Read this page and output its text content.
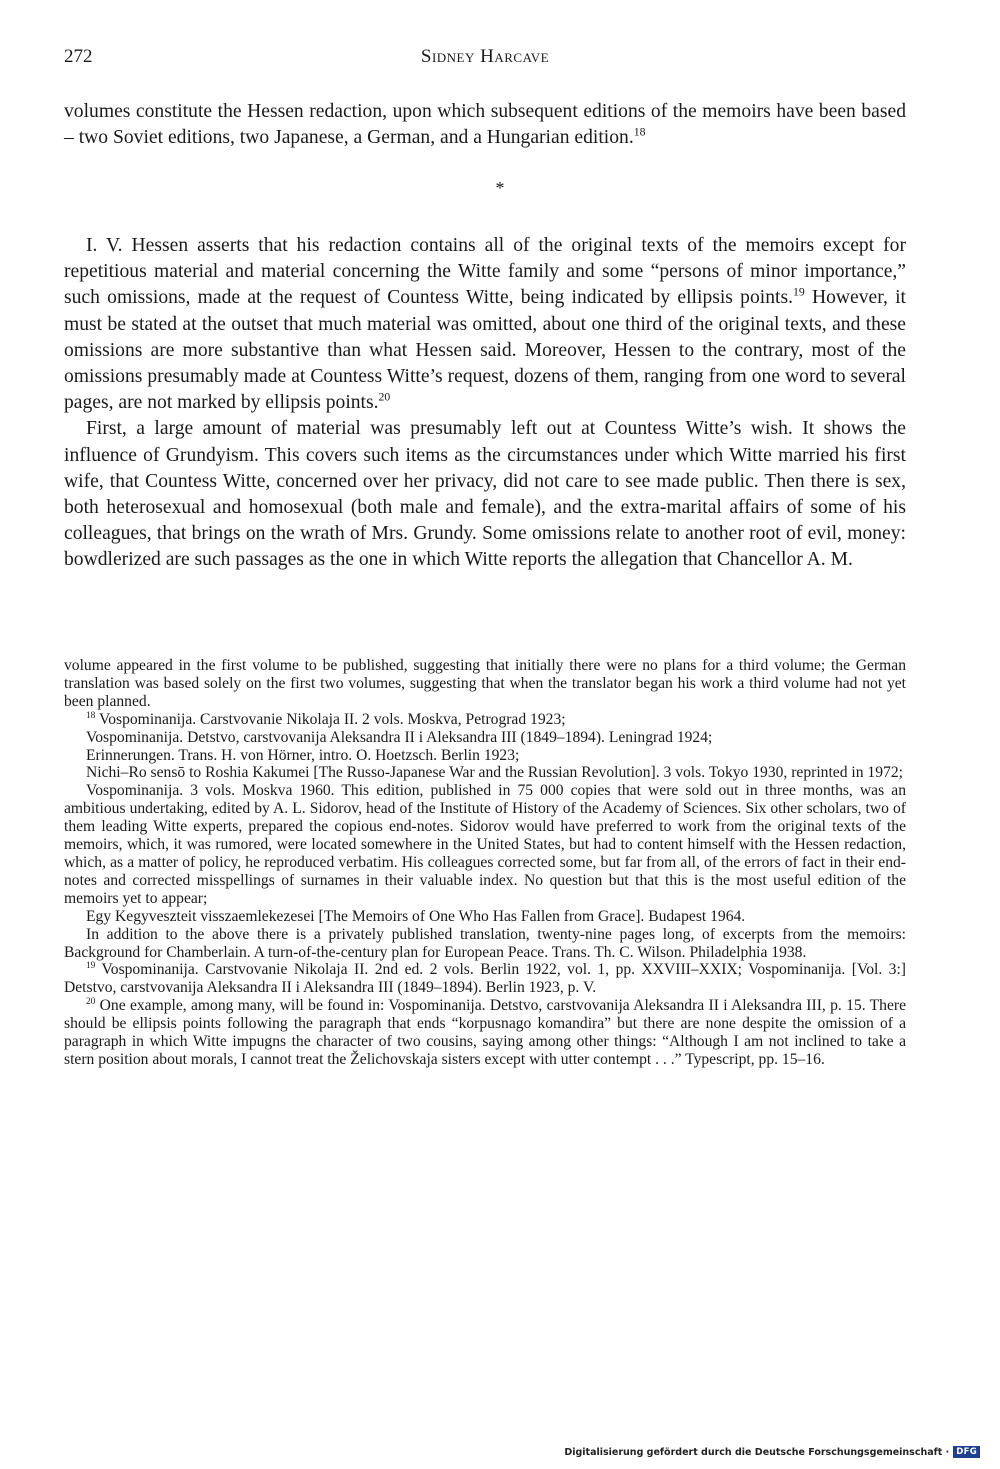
272	Sidney Harcave

volumes constitute the Hessen redaction, upon which subsequent editions of the memoirs have been based – two Soviet editions, two Japanese, a German, and a Hungarian edition.$^{18}$

*

I. V. Hessen asserts that his redaction contains all of the original texts of the memoirs except for repetitious material and material concerning the Witte family and some “persons of minor importance,” such omissions, made at the request of Countess Witte, being indicated by ellipsis points.$^{19}$ However, it must be stated at the outset that much material was omitted, about one third of the original texts, and these omissions are more substantive than what Hessen said. Moreover, Hessen to the contrary, most of the omissions presumably made at Countess Witte’s request, dozens of them, ranging from one word to several pages, are not marked by ellipsis points.$^{20}$

First, a large amount of material was presumably left out at Countess Witte’s wish. It shows the influence of Grundyism. This covers such items as the circumstances under which Witte married his first wife, that Countess Witte, concerned over her privacy, did not care to see made public. Then there is sex, both heterosexual and homosexual (both male and female), and the extra-marital affairs of some of his colleagues, that brings on the wrath of Mrs. Grundy. Some omissions relate to another root of evil, money: bowdlerized are such passages as the one in which Witte reports the allegation that Chancellor A. M.

volume appeared in the first volume to be published, suggesting that initially there were no plans for a third volume; the German translation was based solely on the first two volumes, suggesting that when the translator began his work a third volume had not yet been planned.

$^{18}$ Vospominanija. Carstvovanie Nikolaja II. 2 vols. Moskva, Petrograd 1923;

Vospominanija. Detstvo, carstvovanija Aleksandra II i Aleksandra III (1849–1894). Leningrad 1924;

Erinnerungen. Trans. H. von Hörner, intro. O. Hoetzsch. Berlin 1923;

Nichi–Ro sensō to Roshia Kakumei [The Russo-Japanese War and the Russian Revolution]. 3 vols. Tokyo 1930, reprinted in 1972;

Vospominanija. 3 vols. Moskva 1960. This edition, published in 75 000 copies that were sold out in three months, was an ambitious undertaking, edited by A. L. Sidorov, head of the Institute of History of the Academy of Sciences. Six other scholars, two of them leading Witte experts, prepared the copious end-notes. Sidorov would have preferred to work from the original texts of the memoirs, which, it was rumored, were located somewhere in the United States, but had to content himself with the Hessen redaction, which, as a matter of policy, he reproduced verbatim. His colleagues corrected some, but far from all, of the errors of fact in their end-notes and corrected misspellings of surnames in their valuable index. No question but that this is the most useful edition of the memoirs yet to appear;

Egy Kegyveszteit visszaemlekezesei [The Memoirs of One Who Has Fallen from Grace]. Budapest 1964.

In addition to the above there is a privately published translation, twenty-nine pages long, of excerpts from the memoirs: Background for Chamberlain. A turn-of-the-century plan for European Peace. Trans. Th. C. Wilson. Philadelphia 1938.

$^{19}$ Vospominanija. Carstvovanie Nikolaja II. 2nd ed. 2 vols. Berlin 1922, vol. 1, pp. XXVIII–XXIX; Vospominanija. [Vol. 3:] Detstvo, carstvovanija Aleksandra II i Aleksandra III (1849–1894). Berlin 1923, p. V.

$^{20}$ One example, among many, will be found in: Vospominanija. Detstvo, carstvovanija Aleksandra II i Aleksandra III, p. 15. There should be ellipsis points following the paragraph that ends “korpusnago komandira” but there are none despite the omission of a paragraph in which Witte impugns the character of two cousins, saying among other things: “Although I am not inclined to take a stern position about morals, I cannot treat the Želichovskaja sisters except with utter contempt . . .” Typescript, pp. 15–16.

Digitalisierung gefördert durch die Deutsche Forschungsgemeinschaft · DFG
